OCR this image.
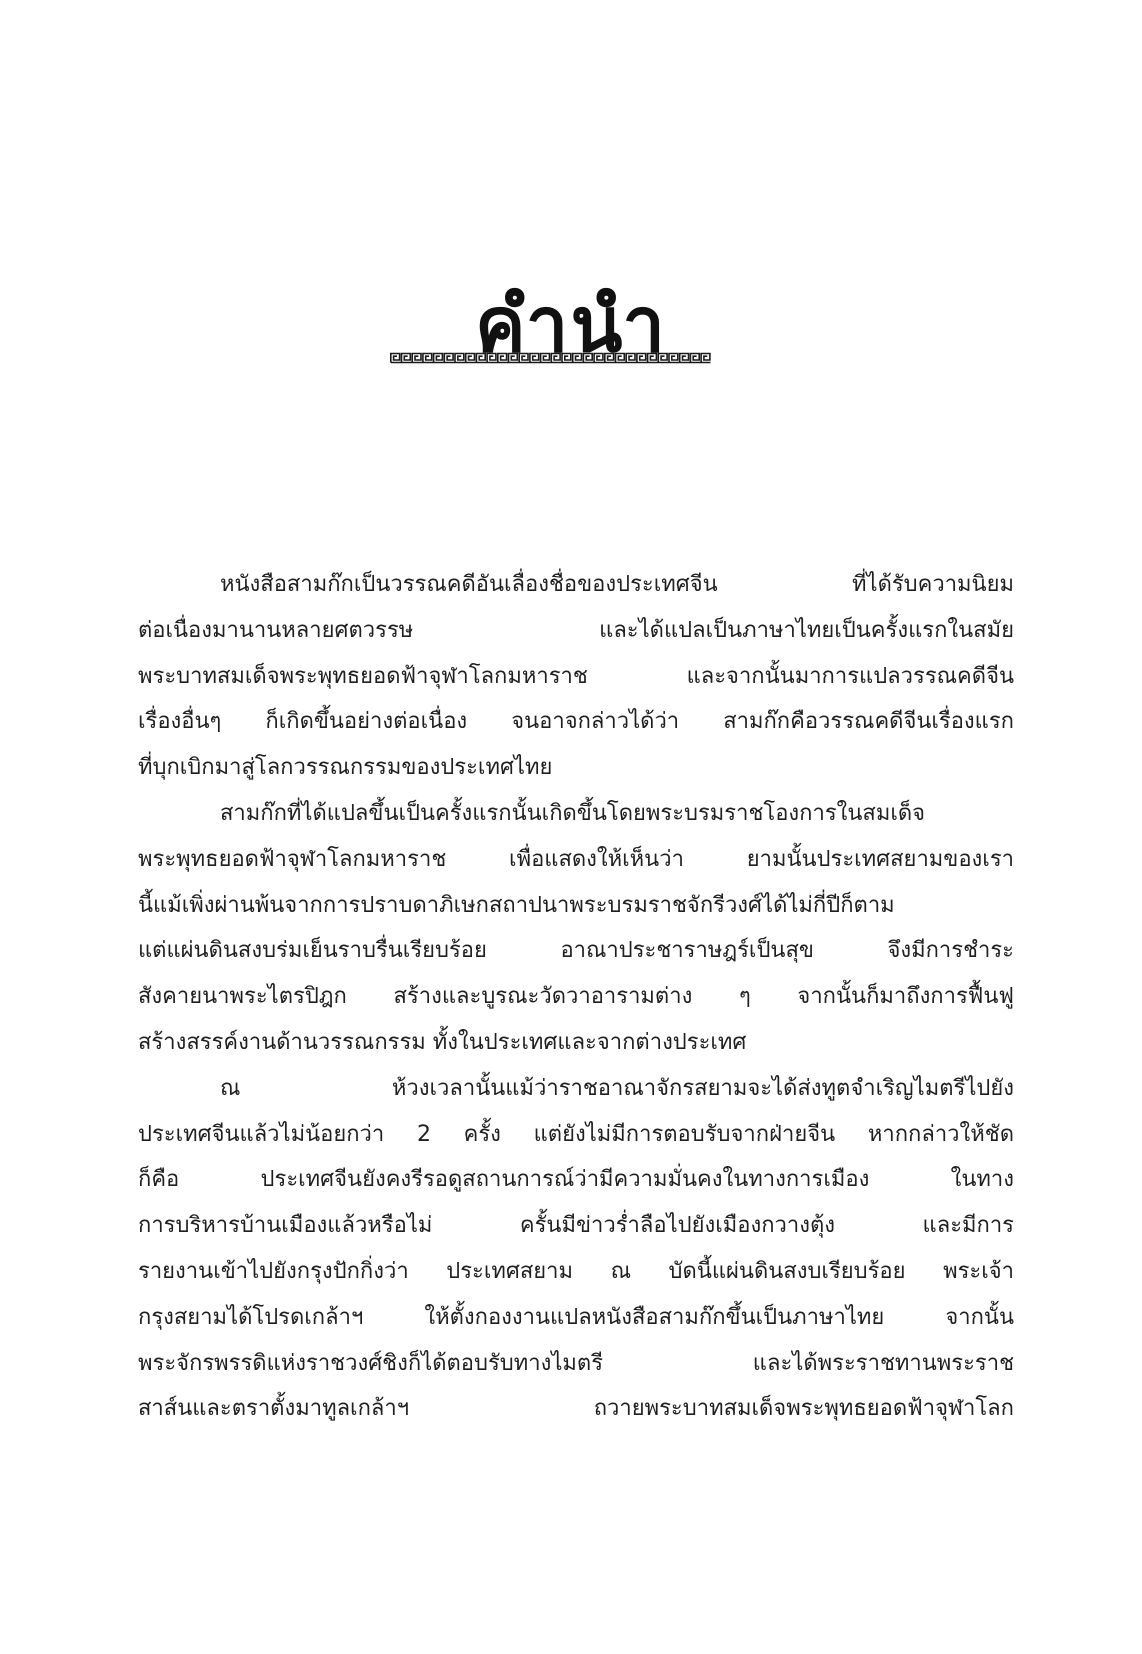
คำนำ
หนังสือสามก๊กเป็นวรรณคดีอันเลื่องชื่อของประเทศจีน ที่ได้รับความนิยม
ต่อเนื่องมานานหลายศตวรรษ และได้แปลเป็นภาษาไทยเป็นครั้งแรกในสมัย
พระบาทสมเด็จพระพุทธยอดฟ้าจุฬาโลกมหาราช และจากนั้นมาการแปลวรรณคดีจีน
เรื่องอื่นๆ ก็เกิดขึ้นอย่างต่อเนื่อง จนอาจกล่าวได้ว่า สามก๊กคือวรรณคดีจีนเรื่องแรก
ที่บุกเบิกมาสู่โลกวรรณกรรมของประเทศไทย
สามก๊กที่ได้แปลขึ้นเป็นครั้งแรกนั้นเกิดขึ้นโดยพระบรมราชโองการในสมเด็จ
พระพุทธยอดฟ้าจุฬาโลกมหาราช เพื่อแสดงให้เห็นว่า ยามนั้นประเทศสยามของเรา
นี้แม้เพิ่งผ่านพ้นจากการปราบดาภิเษกสถาปนาพระบรมราชจักรีวงศ์ได้ไม่กี่ปีก็ตาม
แต่แผ่นดินสงบร่มเย็นราบรื่นเรียบร้อย อาณาประชาราษฎร์เป็นสุข จึงมีการชำระ
สังคายนาพระไตรปิฎก สร้างและบูรณะวัดวาอารามต่าง ๆ จากนั้นก็มาถึงการฟื้นฟู
สร้างสรรค์งานด้านวรรณกรรม ทั้งในประเทศและจากต่างประเทศ
ณ ห้วงเวลานั้นแม้ว่าราชอาณาจักรสยามจะได้ส่งทูตจำเริญไมตรีไปยัง
ประเทศจีนแล้วไม่น้อยกว่า 2 ครั้ง แต่ยังไม่มีการตอบรับจากฝ่ายจีน หากกล่าวให้ชัด
ก็คือ ประเทศจีนยังคงรีรอดูสถานการณ์ว่ามีความมั่นคงในทางการเมือง ในทาง
การบริหารบ้านเมืองแล้วหรือไม่ ครั้นมีข่าวร่ำลือไปยังเมืองกวางตุ้ง และมีการ
รายงานเข้าไปยังกรุงปักกิ่งว่า ประเทศสยาม ณ บัดนี้แผ่นดินสงบเรียบร้อย พระเจ้า
กรุงสยามได้โปรดเกล้าฯ ให้ตั้งกองงานแปลหนังสือสามก๊กขึ้นเป็นภาษาไทย จากนั้น
พระจักรพรรดิแห่งราชวงศ์ชิงก็ได้ตอบรับทางไมตรี และได้พระราชทานพระราช
สาส์นและตราตั้งมาทูลเกล้าฯ ถวายพระบาทสมเด็จพระพุทธยอดฟ้าจุฬาโลก
